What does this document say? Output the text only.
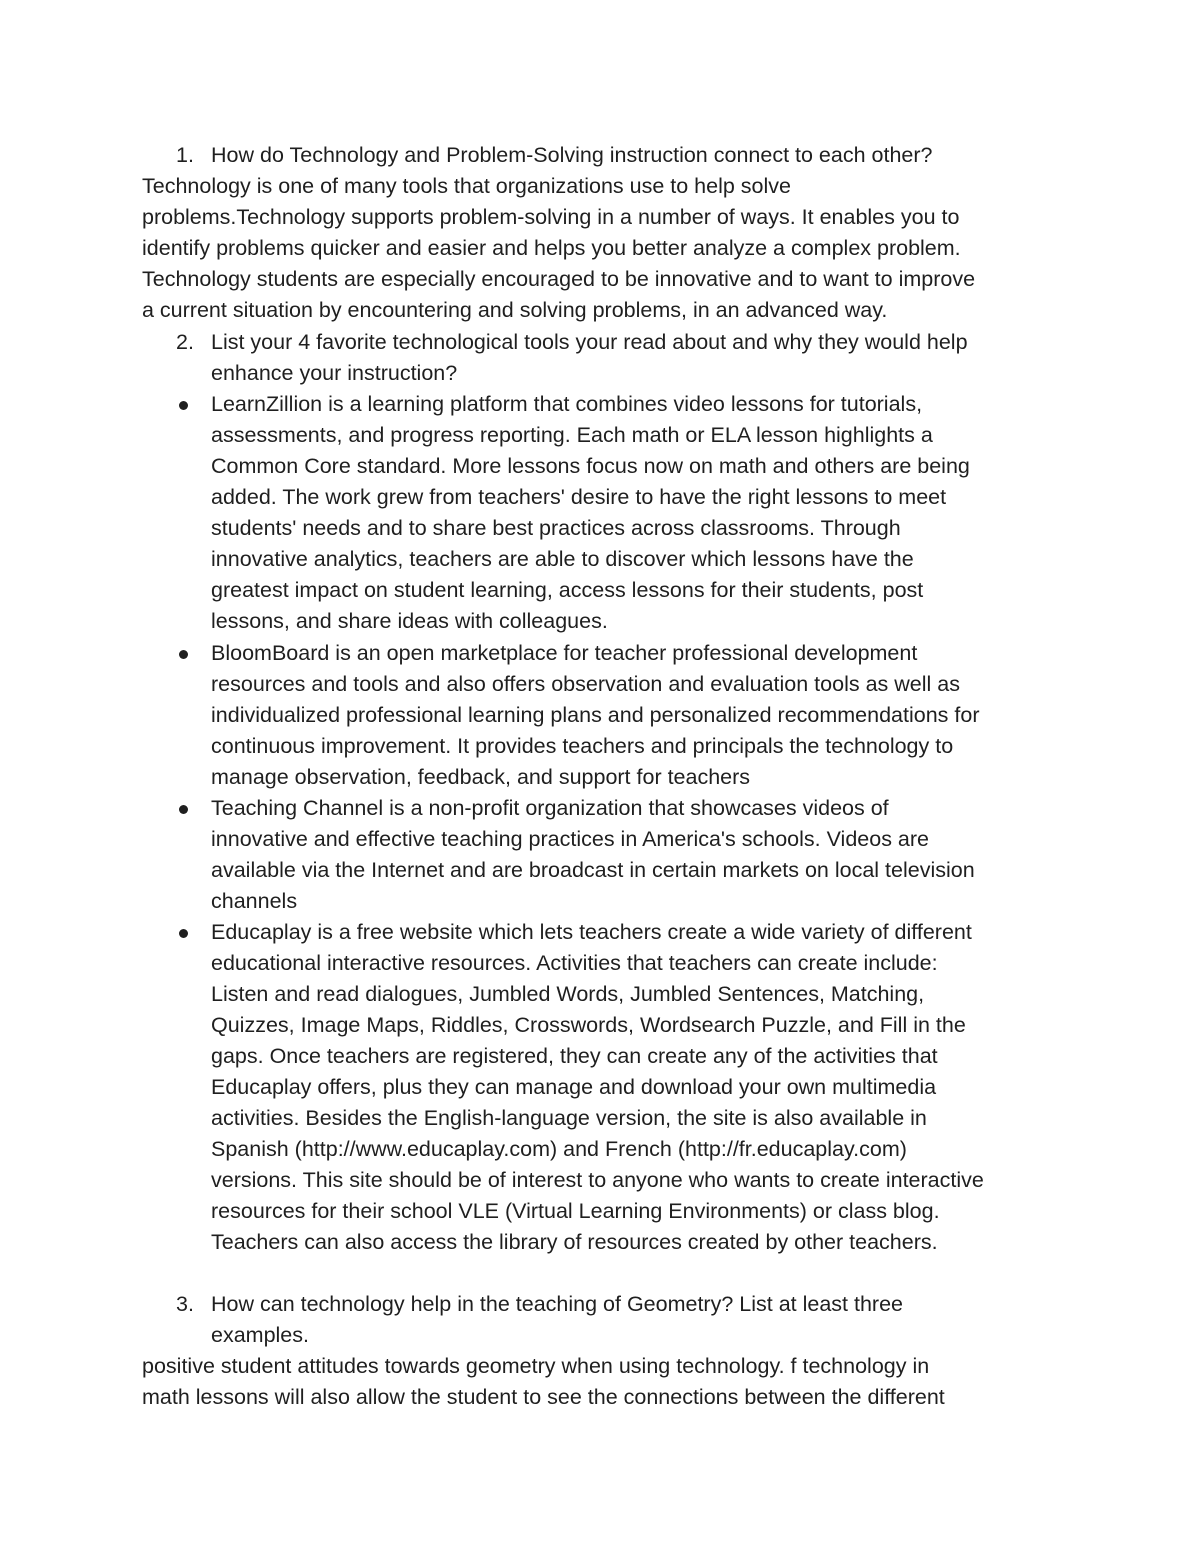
1. How do Technology and Problem-Solving instruction connect to each other?
Technology is one of many tools that organizations use to help solve
problems.Technology supports problem-solving in a number of ways. It enables you to
identify problems quicker and easier and helps you better analyze a complex problem.
Technology students are especially encouraged to be innovative and to want to improve
a current situation by encountering and solving problems, in an advanced way.
2. List your 4 favorite technological tools your read about and why they would help
enhance your instruction?
LearnZillion is a learning platform that combines video lessons for tutorials,
assessments, and progress reporting. Each math or ELA lesson highlights a
Common Core standard. More lessons focus now on math and others are being
added. The work grew from teachers' desire to have the right lessons to meet
students' needs and to share best practices across classrooms. Through
innovative analytics, teachers are able to discover which lessons have the
greatest impact on student learning, access lessons for their students, post
lessons, and share ideas with colleagues.
BloomBoard is an open marketplace for teacher professional development
resources and tools and also offers observation and evaluation tools as well as
individualized professional learning plans and personalized recommendations for
continuous improvement. It provides teachers and principals the technology to
manage observation, feedback, and support for teachers
Teaching Channel is a non-profit organization that showcases videos of
innovative and effective teaching practices in America's schools. Videos are
available via the Internet and are broadcast in certain markets on local television
channels
Educaplay is a free website which lets teachers create a wide variety of different
educational interactive resources. Activities that teachers can create include:
Listen and read dialogues, Jumbled Words, Jumbled Sentences, Matching,
Quizzes, Image Maps, Riddles, Crosswords, Wordsearch Puzzle, and Fill in the
gaps. Once teachers are registered, they can create any of the activities that
Educaplay offers, plus they can manage and download your own multimedia
activities. Besides the English-language version, the site is also available in
Spanish (http://www.educaplay.com) and French (http://fr.educaplay.com)
versions. This site should be of interest to anyone who wants to create interactive
resources for their school VLE (Virtual Learning Environments) or class blog.
Teachers can also access the library of resources created by other teachers.
3. How can technology help in the teaching of Geometry? List at least three
examples.
positive student attitudes towards geometry when using technology. f technology in
math lessons will also allow the student to see the connections between the different
